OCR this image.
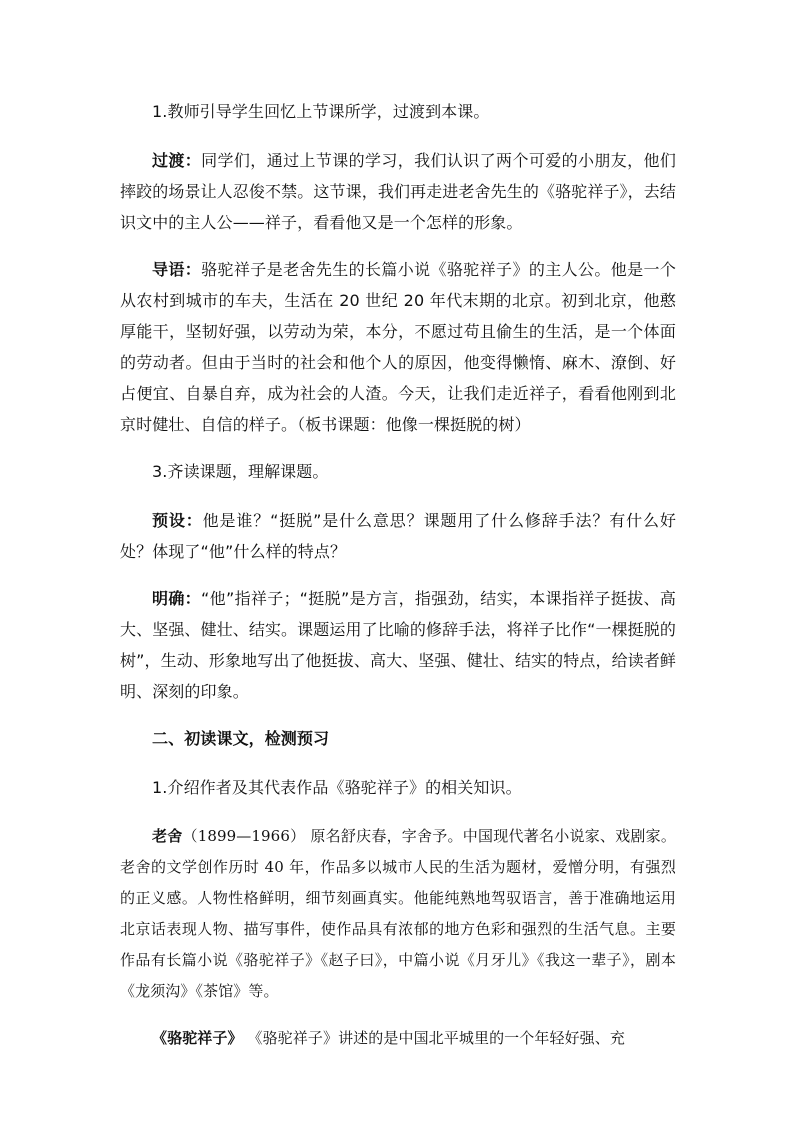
1.教师引导学生回忆上节课所学，过渡到本课。

过渡：同学们，通过上节课的学习，我们认识了两个可爱的小朋友，他们摔跤的场景让人忍俊不禁。这节课，我们再走进老舍先生的《骆驼祥子》，去结识文中的主人公——祥子，看看他又是一个怎样的形象。

导语：骆驼祥子是老舍先生的长篇小说《骆驼祥子》的主人公。他是一个从农村到城市的车夫，生活在 20 世纪 20 年代末期的北京。初到北京，他憨厚能干，坚韧好强，以劳动为荣，本分，不愿过苟且偷生的生活，是一个体面的劳动者。但由于当时的社会和他个人的原因，他变得懒惰、麻木、潦倒、好占便宜、自暴自弃，成为社会的人渣。今天，让我们走近祥子，看看他刚到北京时健壮、自信的样子。（板书课题：他像一棵挺脱的树）

3.齐读课题，理解课题。

预设：他是谁？“挺脱”是什么意思？课题用了什么修辞手法？有什么好处？体现了“他”什么样的特点？

明确：“他”指祥子；“挺脱”是方言，指强劲，结实，本课指祥子挺拔、高大、坚强、健壮、结实。课题运用了比喻的修辞手法，将祥子比作“一棵挺脱的树”，生动、形象地写出了他挺拔、高大、坚强、健壮、结实的特点，给读者鲜明、深刻的印象。

二、初读课文，检测预习

1.介绍作者及其代表作品《骆驼祥子》的相关知识。

老舍（1899—1966） 原名舒庆春，字舍予。中国现代著名小说家、戏剧家。老舍的文学创作历时 40 年，作品多以城市人民的生活为题材，爱憎分明，有强烈的正义感。人物性格鲜明，细节刻画真实。他能纯熟地驾驭语言，善于准确地运用北京话表现人物、描写事件，使作品具有浓郁的地方色彩和强烈的生活气息。主要作品有长篇小说《骆驼祥子》《赵子曰》，中篇小说《月牙儿》《我这一辈子》，剧本《龙须沟》《茶馆》等。

《骆驼祥子》 《骆驼祥子》讲述的是中国北平城里的一个年轻好强、充
